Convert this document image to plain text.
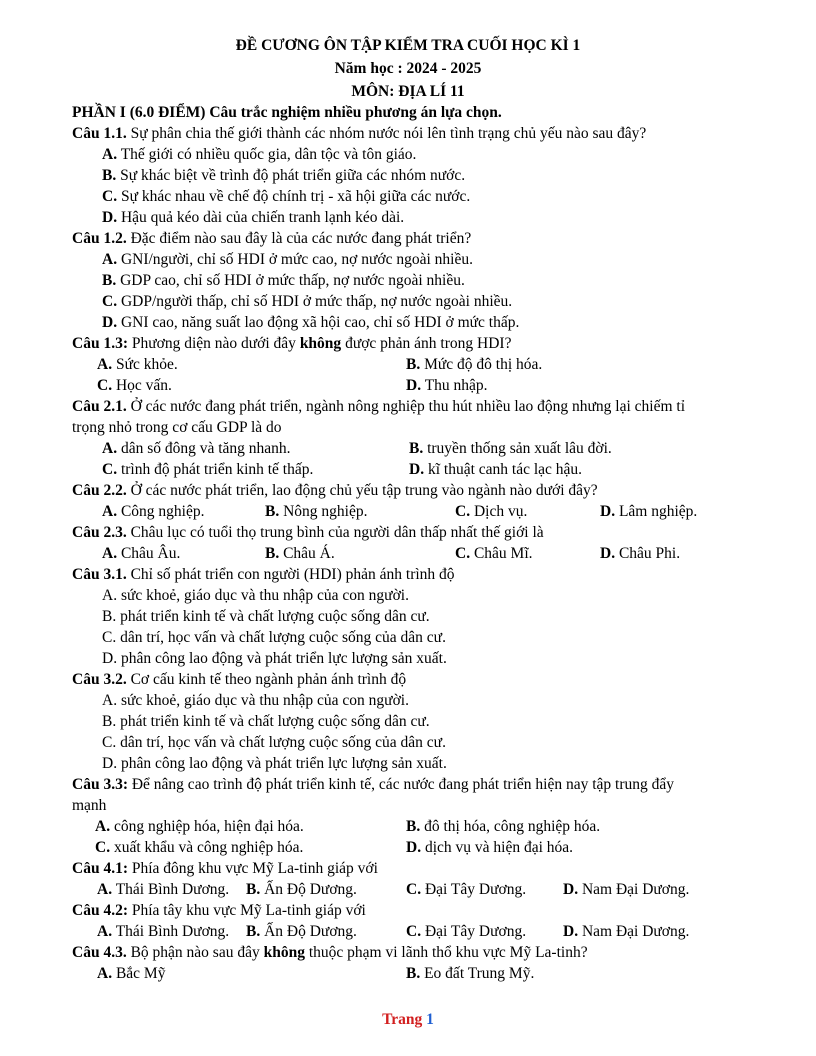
ĐỀ CƯƠNG ÔN TẬP KIỂM TRA CUỐI HỌC KÌ 1
Năm học : 2024 - 2025
MÔN: ĐỊA LÍ 11
PHẦN I (6.0 ĐIỂM) Câu trắc nghiệm nhiều phương án lựa chọn.
Câu 1.1. Sự phân chia thế giới thành các nhóm nước nói lên tình trạng chủ yếu nào sau đây?
A. Thế giới có nhiều quốc gia, dân tộc và tôn giáo.
B. Sự khác biệt về trình độ phát triển giữa các nhóm nước.
C. Sự khác nhau về chế độ chính trị - xã hội giữa các nước.
D. Hậu quả kéo dài của chiến tranh lạnh kéo dài.
Câu 1.2. Đặc điểm nào sau đây là của các nước đang phát triển?
A. GNI/người, chỉ số HDI ở mức cao, nợ nước ngoài nhiều.
B. GDP cao, chỉ số HDI ở mức thấp, nợ nước ngoài nhiều.
C. GDP/người thấp, chỉ số HDI ở mức thấp, nợ nước ngoài nhiều.
D. GNI cao, năng suất lao động xã hội cao, chỉ số HDI ở mức thấp.
Câu 1.3: Phương diện nào dưới đây không được phản ánh trong HDI?
A. Sức khỏe.	B. Mức độ đô thị hóa.
C. Học vấn.	D. Thu nhập.
Câu 2.1. Ở các nước đang phát triển, ngành nông nghiệp thu hút nhiều lao động nhưng lại chiếm tỉ
trọng nhỏ trong cơ cấu GDP là do
A. dân số đông và tăng nhanh.	B. truyền thống sản xuất lâu đời.
C. trình độ phát triển kinh tế thấp.	D. kĩ thuật canh tác lạc hậu.
Câu 2.2. Ở các nước phát triển, lao động chủ yếu tập trung vào ngành nào dưới đây?
A. Công nghiệp.	B. Nông nghiệp.	C. Dịch vụ.	D. Lâm nghiệp.
Câu 2.3. Châu lục có tuổi thọ trung bình của người dân thấp nhất thế giới là
A. Châu Âu.	B. Châu Á.	C. Châu Mĩ.	D. Châu Phi.
Câu 3.1. Chỉ số phát triển con người (HDI) phản ánh trình độ
A. sức khoẻ, giáo dục và thu nhập của con người.
B. phát triển kinh tế và chất lượng cuộc sống dân cư.
C. dân trí, học vấn và chất lượng cuộc sống của dân cư.
D. phân công lao động và phát triển lực lượng sản xuất.
Câu 3.2. Cơ cấu kinh tế theo ngành phản ánh trình độ
A. sức khoẻ, giáo dục và thu nhập của con người.
B. phát triển kinh tế và chất lượng cuộc sống dân cư.
C. dân trí, học vấn và chất lượng cuộc sống của dân cư.
D. phân công lao động và phát triển lực lượng sản xuất.
Câu 3.3: Để nâng cao trình độ phát triển kinh tế, các nước đang phát triển hiện nay tập trung đẩy
mạnh
A. công nghiệp hóa, hiện đại hóa.	B. đô thị hóa, công nghiệp hóa.
C. xuất khẩu và công nghiệp hóa.	D. dịch vụ và hiện đại hóa.
Câu 4.1: Phía đông khu vực Mỹ La-tinh giáp với
A. Thái Bình Dương. B. Ấn Độ Dương.	C. Đại Tây Dương. D. Nam Đại Dương.
Câu 4.2: Phía tây khu vực Mỹ La-tinh giáp với
A. Thái Bình Dương. B. Ấn Độ Dương.	C. Đại Tây Dương. D. Nam Đại Dương.
Câu 4.3. Bộ phận nào sau đây không thuộc phạm vi lãnh thổ khu vực Mỹ La-tinh?
A. Bắc Mỹ	B. Eo đất Trung Mỹ.
Trang 1
